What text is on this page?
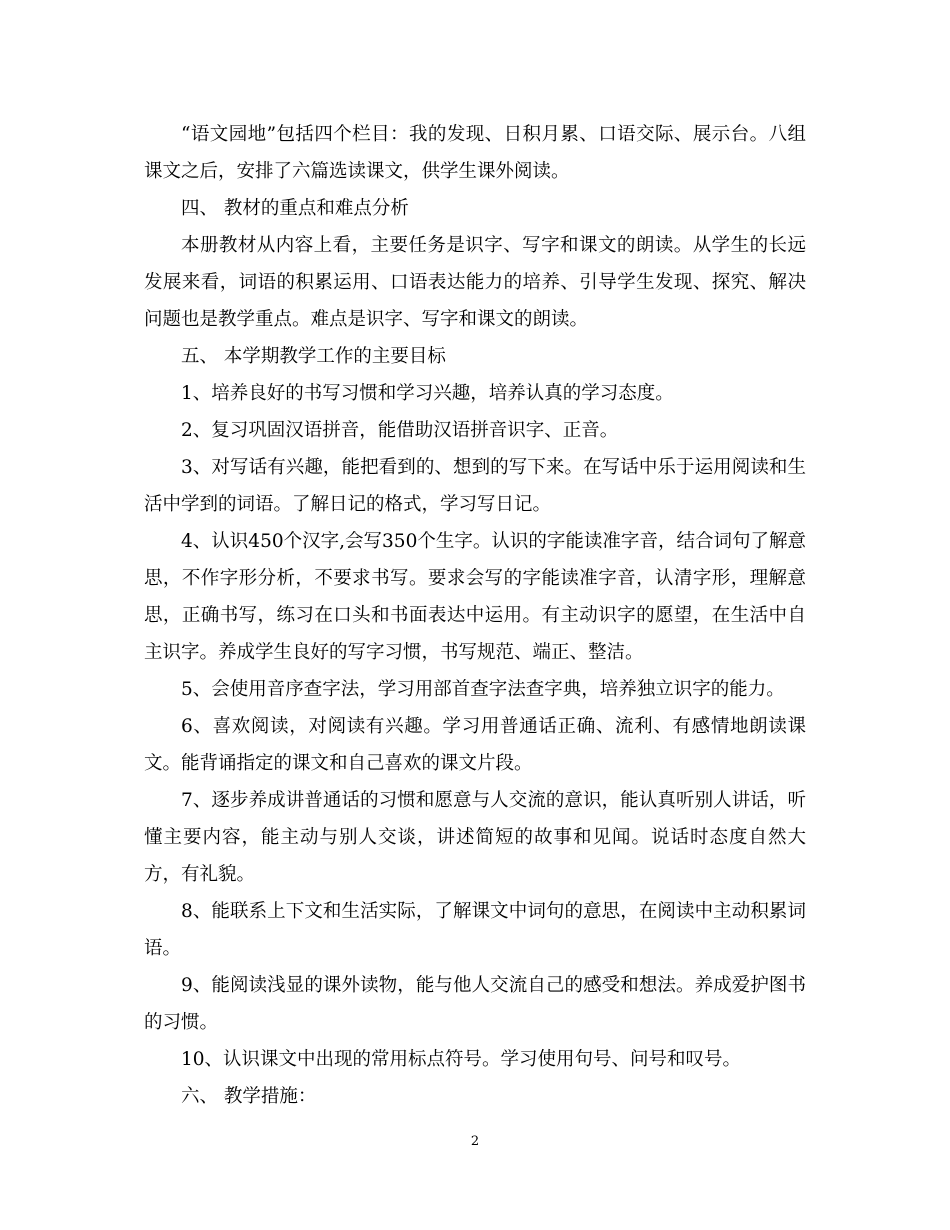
“语文园地”包括四个栏目：我的发现、日积月累、口语交际、展示台。八组课文之后，安排了六篇选读课文，供学生课外阅读。

四、 教材的重点和难点分析

本册教材从内容上看，主要任务是识字、写字和课文的朗读。从学生的长远发展来看，词语的积累运用、口语表达能力的培养、引导学生发现、探究、解决问题也是教学重点。难点是识字、写字和课文的朗读。

五、 本学期教学工作的主要目标

1、培养良好的书写习惯和学习兴趣，培养认真的学习态度。

2、复习巩固汉语拼音，能借助汉语拼音识字、正音。

3、对写话有兴趣，能把看到的、想到的写下来。在写话中乐于运用阅读和生活中学到的词语。了解日记的格式，学习写日记。

4、认识450个汉字,会写350个生字。认识的字能读准字音，结合词句了解意思，不作字形分析，不要求书写。要求会写的字能读准字音，认清字形，理解意思，正确书写，练习在口头和书面表达中运用。有主动识字的愿望，在生活中自主识字。养成学生良好的写字习惯，书写规范、端正、整洁。

5、会使用音序查字法，学习用部首查字法查字典，培养独立识字的能力。

6、喜欢阅读，对阅读有兴趣。学习用普通话正确、流利、有感情地朗读课文。能背诵指定的课文和自己喜欢的课文片段。

7、逐步养成讲普通话的习惯和愿意与人交流的意识，能认真听别人讲话，听懂主要内容，能主动与别人交谈，讲述简短的故事和见闻。说话时态度自然大方，有礼貌。

8、能联系上下文和生活实际，了解课文中词句的意思，在阅读中主动积累词语。

9、能阅读浅显的课外读物，能与他人交流自己的感受和想法。养成爱护图书的习惯。

10、认识课文中出现的常用标点符号。学习使用句号、问号和叹号。

六、 教学措施：

2
